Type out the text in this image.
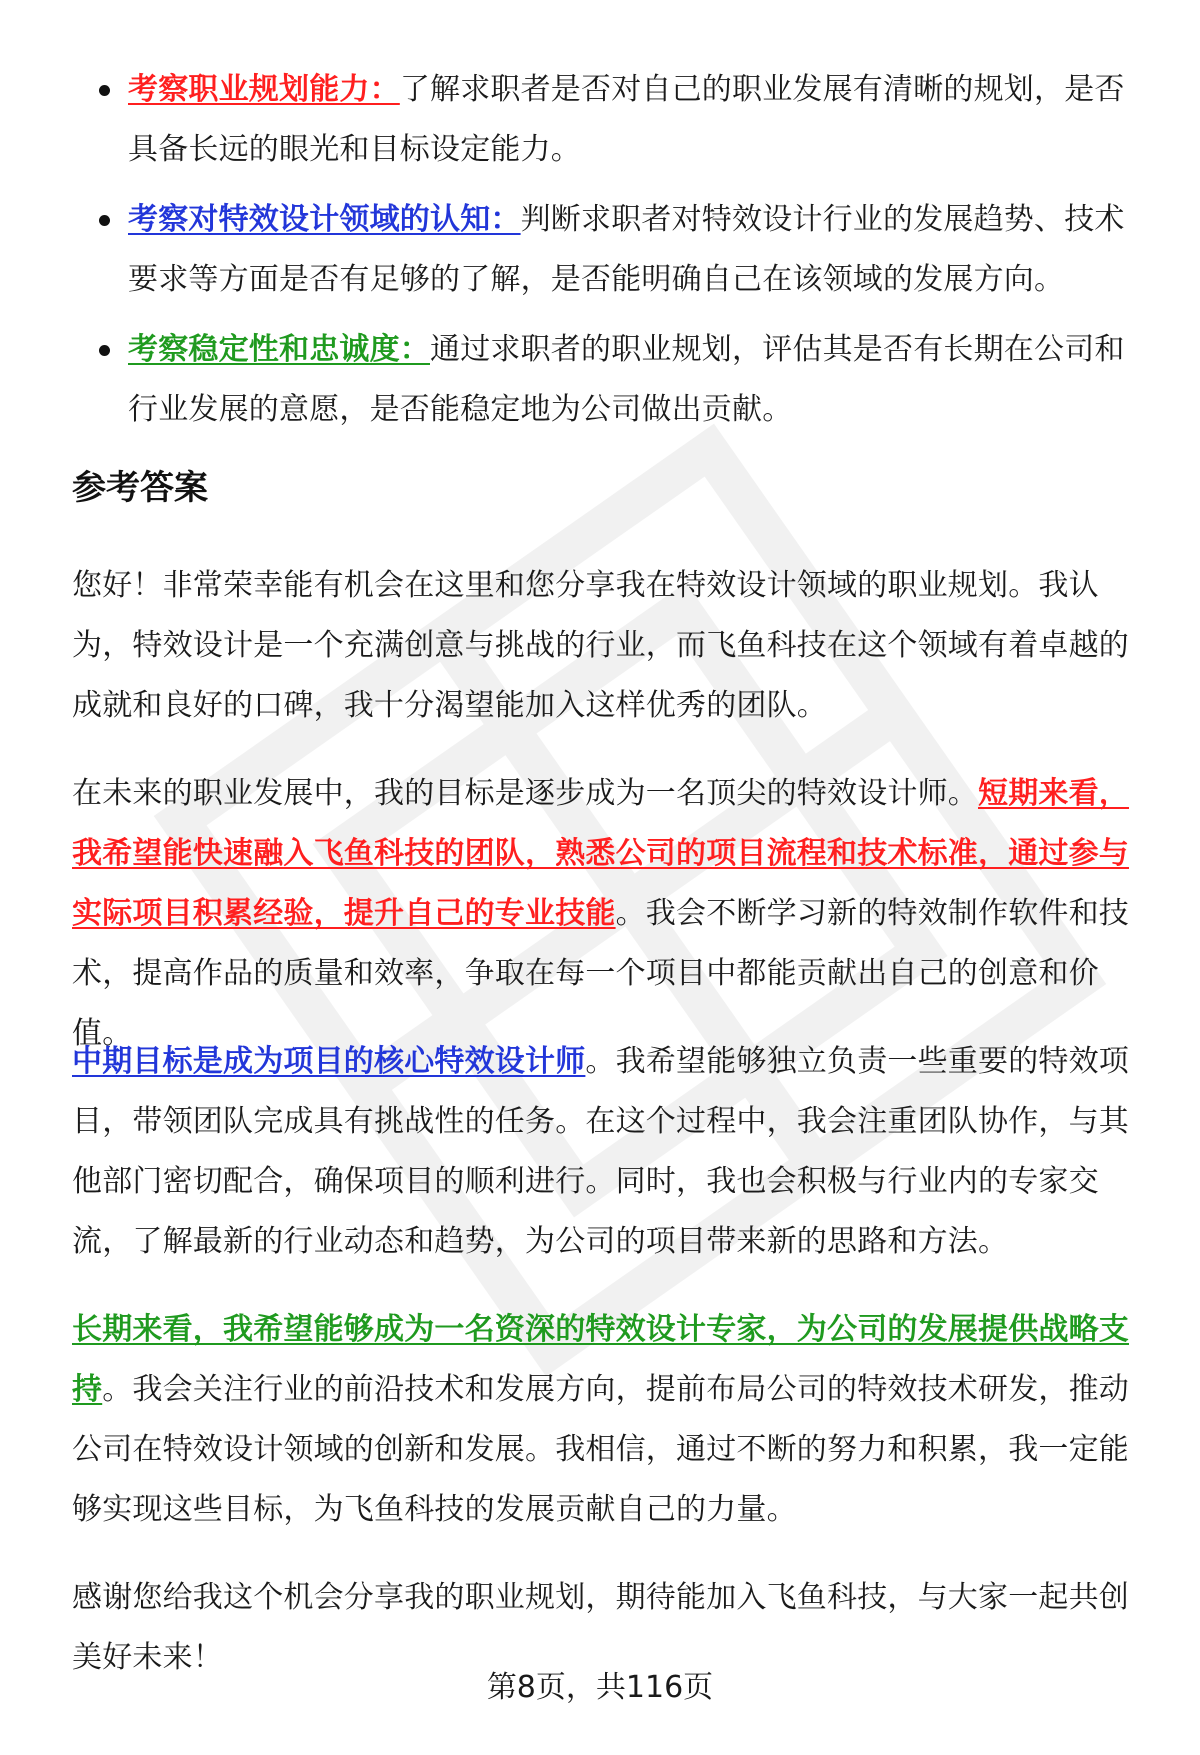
考察职业规划能力：了解求职者是否对自己的职业发展有清晰的规划，是否具备长远的眼光和目标设定能力。
考察对特效设计领域的认知：判断求职者对特效设计行业的发展趋势、技术要求等方面是否有足够的了解，是否能明确自己在该领域的发展方向。
考察稳定性和忠诚度：通过求职者的职业规划，评估其是否有长期在公司和行业发展的意愿，是否能稳定地为公司做出贡献。
参考答案

您好！非常荣幸能有机会在这里和您分享我在特效设计领域的职业规划。我认为，特效设计是一个充满创意与挑战的行业，而飞鱼科技在这个领域有着卓越的成就和良好的口碑，我十分渴望能加入这样优秀的团队。

在未来的职业发展中，我的目标是逐步成为一名顶尖的特效设计师。短期来看，我希望能快速融入飞鱼科技的团队，熟悉公司的项目流程和技术标准，通过参与实际项目积累经验，提升自己的专业技能。我会不断学习新的特效制作软件和技术，提高作品的质量和效率，争取在每一个项目中都能贡献出自己的创意和价值。

中期目标是成为项目的核心特效设计师。我希望能够独立负责一些重要的特效项目，带领团队完成具有挑战性的任务。在这个过程中，我会注重团队协作，与其他部门密切配合，确保项目的顺利进行。同时，我也会积极与行业内的专家交流，了解最新的行业动态和趋势，为公司的项目带来新的思路和方法。

长期来看，我希望能够成为一名资深的特效设计专家，为公司的发展提供战略支持。我会关注行业的前沿技术和发展方向，提前布局公司的特效技术研发，推动公司在特效设计领域的创新和发展。我相信，通过不断的努力和积累，我一定能够实现这些目标，为飞鱼科技的发展贡献自己的力量。

感谢您给我这个机会分享我的职业规划，期待能加入飞鱼科技，与大家一起共创美好未来！

第8页，共116页
